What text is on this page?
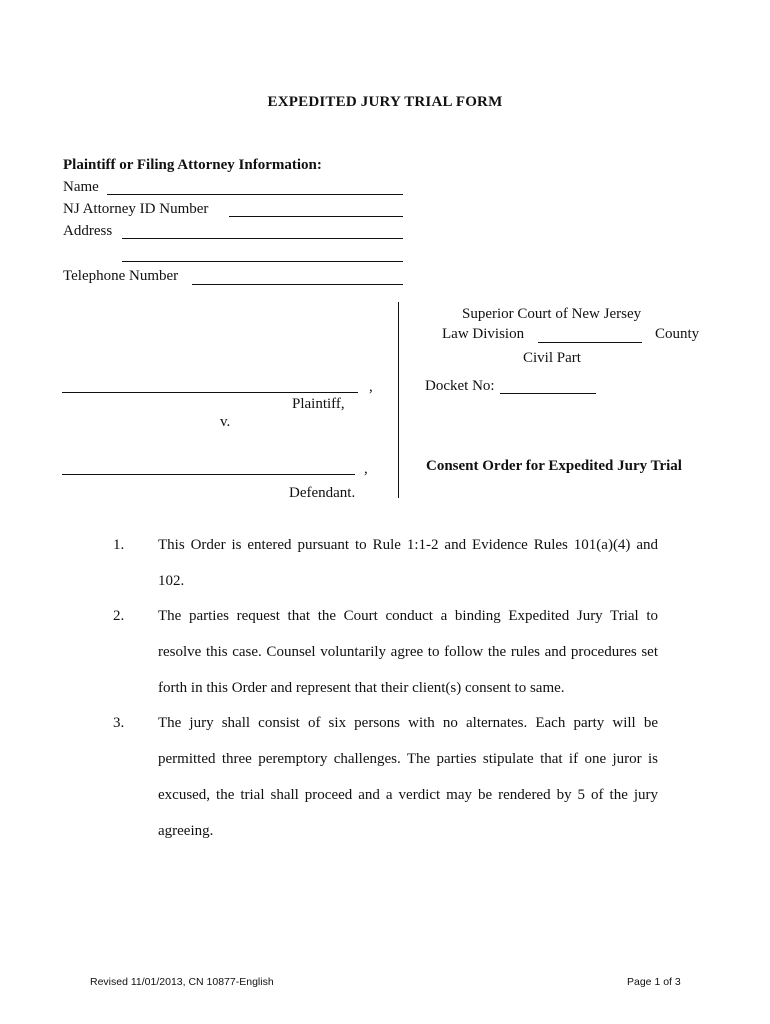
EXPEDITED JURY TRIAL FORM
Plaintiff or Filing Attorney Information:
Name
NJ Attorney ID Number
Address
Telephone Number
,
Plaintiff,
v.
,
Defendant.
Superior Court of New Jersey
Law Division	County
Civil Part
Docket No:
Consent Order for Expedited Jury Trial
1. This Order is entered pursuant to Rule 1:1-2 and Evidence Rules 101(a)(4) and
102.
2. The parties request that the Court conduct a binding Expedited Jury Trial to
resolve this case. Counsel voluntarily agree to follow the rules and procedures set
forth in this Order and represent that their client(s) consent to same.
3. The jury shall consist of six persons with no alternates. Each party will be
permitted three peremptory challenges. The parties stipulate that if one juror is
excused, the trial shall proceed and a verdict may be rendered by 5 of the jury
agreeing.
Revised 11/01/2013, CN 10877-English	Page 1 of 3
